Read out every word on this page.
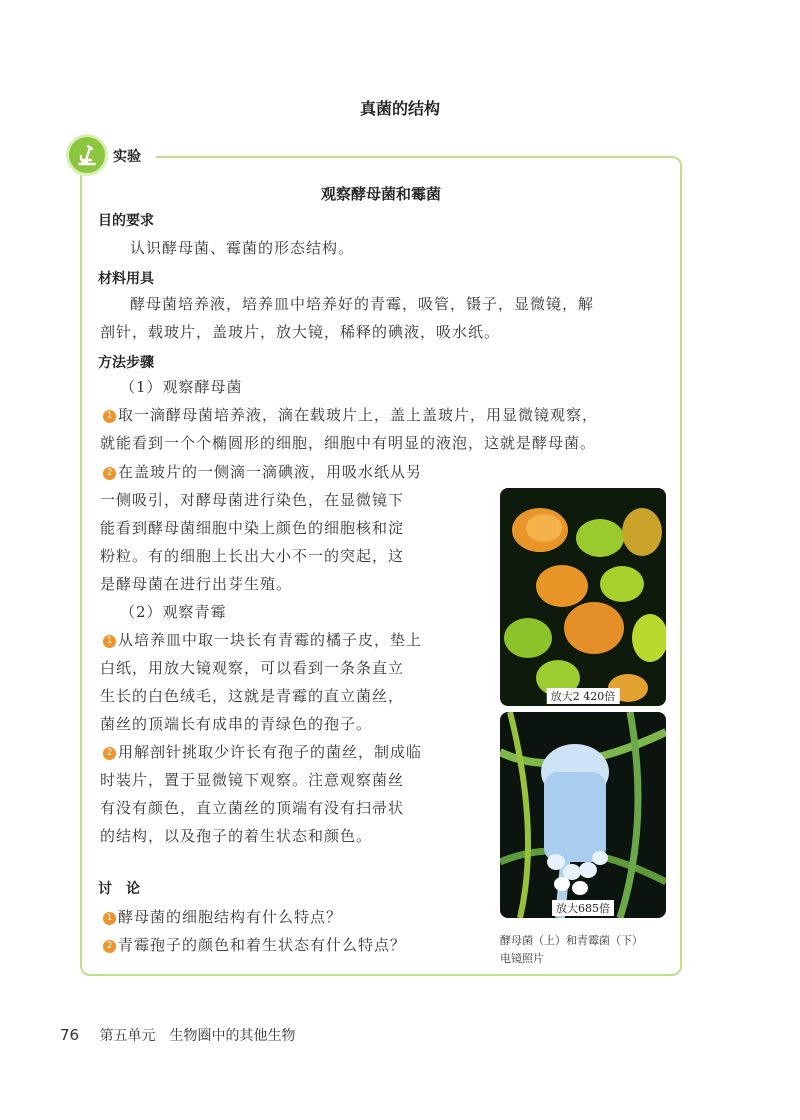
真菌的结构
实验
观察酵母菌和霉菌
目的要求
认识酵母菌、霉菌的形态结构。
材料用具
酵母菌培养液，培养皿中培养好的青霉，吸管，镊子，显微镜，解
剖针，载玻片，盖玻片，放大镜，稀释的碘液，吸水纸。
方法步骤
（1）观察酵母菌
1 取一滴酵母菌培养液，滴在载玻片上，盖上盖玻片，用显微镜观察，
就能看到一个个椭圆形的细胞，细胞中有明显的液泡，这就是酵母菌。
2 在盖玻片的一侧滴一滴碘液，用吸水纸从另
一侧吸引，对酵母菌进行染色，在显微镜下
能看到酵母菌细胞中染上颜色的细胞核和淀
粉粒。有的细胞上长出大小不一的突起，这
是酵母菌在进行出芽生殖。
（2）观察青霉
1 从培养皿中取一块长有青霉的橘子皮，垫上
白纸，用放大镜观察，可以看到一条条直立
生长的白色绒毛，这就是青霉的直立菌丝，
菌丝的顶端长有成串的青绿色的孢子。
2 用解剖针挑取少许长有孢子的菌丝，制成临
时装片，置于显微镜下观察。注意观察菌丝
有没有颜色，直立菌丝的顶端有没有扫帚状
的结构，以及孢子的着生状态和颜色。
讨　论
1 酵母菌的细胞结构有什么特点？
2 青霉孢子的颜色和着生状态有什么特点？
放大2 420倍
放大685倍
酵母菌（上）和青霉菌（下）
电镜照片
76 第五单元　生物圈中的其他生物
